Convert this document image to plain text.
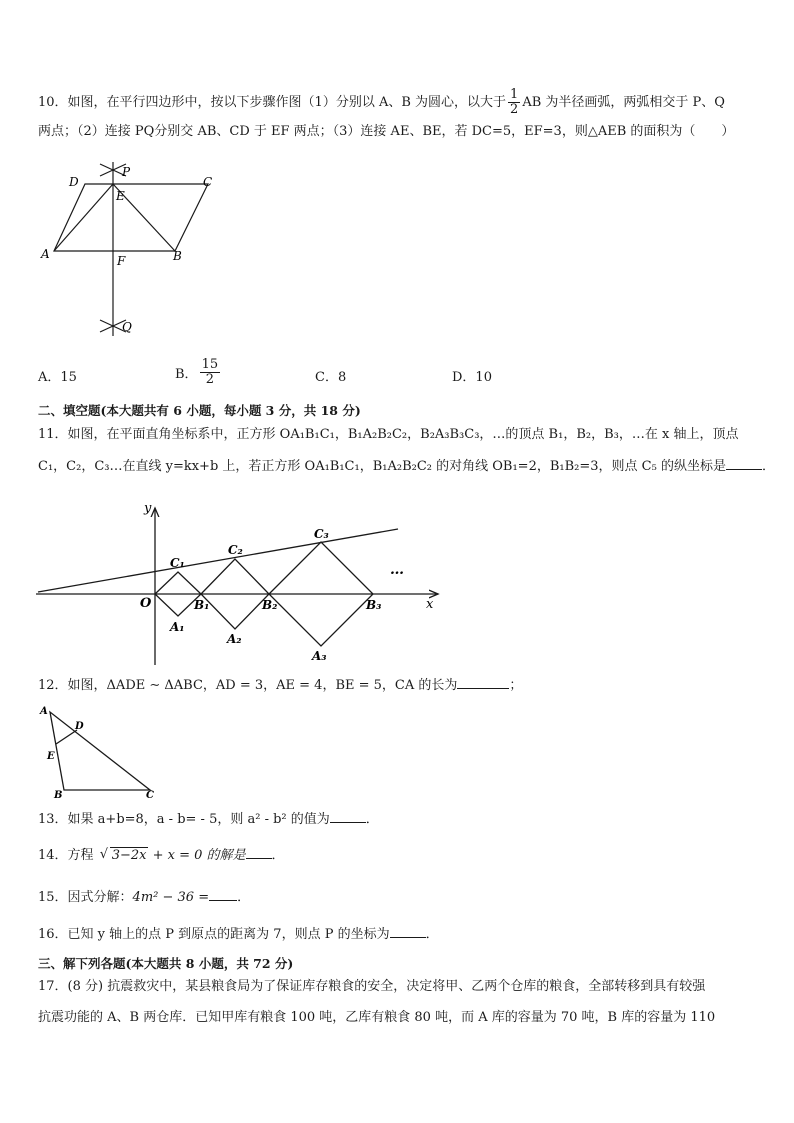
10．如图，在平行四边形中，按以下步骤作图（1）分别以 A、B 为圆心，以大于 $\frac{1}{2}$ AB 为半径画弧，两弧相交于 P、Q
两点；（2）连接 PQ分别交 AB、CD 于 EF 两点；（3）连接 AE、BE，若 DC=5，EF=3，则△AEB 的面积为（　　）
D
P
E
C
A	F	B
Q
A．15	B． $\frac{15}{2}$	C．8	D．10
二、填空题(本大题共有 6 小题，每小题 3 分，共 18 分)
11．如图，在平面直角坐标系中，正方形 OA₁B₁C₁，B₁A₂B₂C₂，B₂A₃B₃C₃，…的顶点 B₁，B₂，B₃，…在 x 轴上，顶点
C₁，C₂，C₃…在直线 y=kx+b 上，若正方形 OA₁B₁C₁，B₁A₂B₂C₂ 的对角线 OB₁=2，B₁B₂=3，则点 C₅ 的纵坐标是	．
y
x
O
C₁
C₂
C₃
B₁	B₂	B₃
A₁
A₂
A₃
…
12．如图，ΔADE ∼ ΔABC，AD = 3，AE = 4，BE = 5，CA 的长为	；
A
D
E
B	C
13．如果 a+b=8，a - b= - 5，则 a² - b² 的值为	．
14．方程 √ 3−2x + x = 0 的解是 ．
15．因式分解：4m² − 36 = ．
16．已知 y 轴上的点 P 到原点的距离为 7，则点 P 的坐标为	．
三、解下列各题(本大题共 8 小题，共 72 分)
17．(8 分) 抗震救灾中，某县粮食局为了保证库存粮食的安全，决定将甲、乙两个仓库的粮食，全部转移到具有较强
抗震功能的 A、B 两仓库．已知甲库有粮食 100 吨，乙库有粮食 80 吨，而 A 库的容量为 70 吨，B 库的容量为 110
